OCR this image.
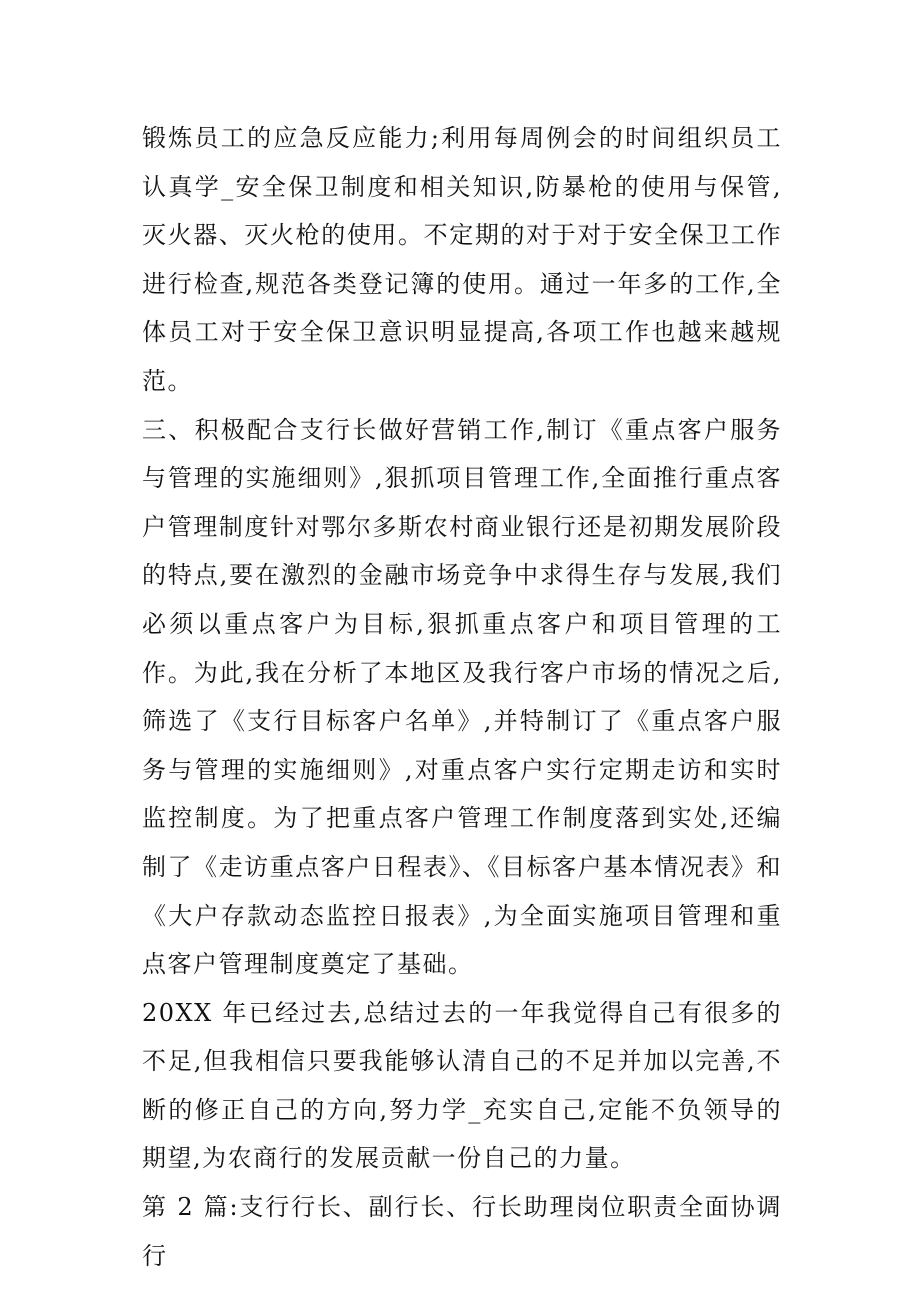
锻炼员工的应急反应能力;利用每周例会的时间组织员工认真学_安全保卫制度和相关知识,防暴枪的使用与保管,灭火器、灭火枪的使用。不定期的对于对于安全保卫工作进行检查,规范各类登记簿的使用。通过一年多的工作,全体员工对于安全保卫意识明显提高,各项工作也越来越规范。

三、积极配合支行长做好营销工作,制订《重点客户服务与管理的实施细则》,狠抓项目管理工作,全面推行重点客户管理制度针对鄂尔多斯农村商业银行还是初期发展阶段的特点,要在激烈的金融市场竞争中求得生存与发展,我们必须以重点客户为目标,狠抓重点客户和项目管理的工作。为此,我在分析了本地区及我行客户市场的情况之后,筛选了《支行目标客户名单》,并特制订了《重点客户服务与管理的实施细则》,对重点客户实行定期走访和实时监控制度。为了把重点客户管理工作制度落到实处,还编制了《走访重点客户日程表》、《目标客户基本情况表》和《大户存款动态监控日报表》,为全面实施项目管理和重点客户管理制度奠定了基础。

20XX 年已经过去,总结过去的一年我觉得自己有很多的不足,但我相信只要我能够认清自己的不足并加以完善,不断的修正自己的方向,努力学_充实自己,定能不负领导的期望,为农商行的发展贡献一份自己的力量。

第 2 篇:支行行长、副行长、行长助理岗位职责全面协调行
